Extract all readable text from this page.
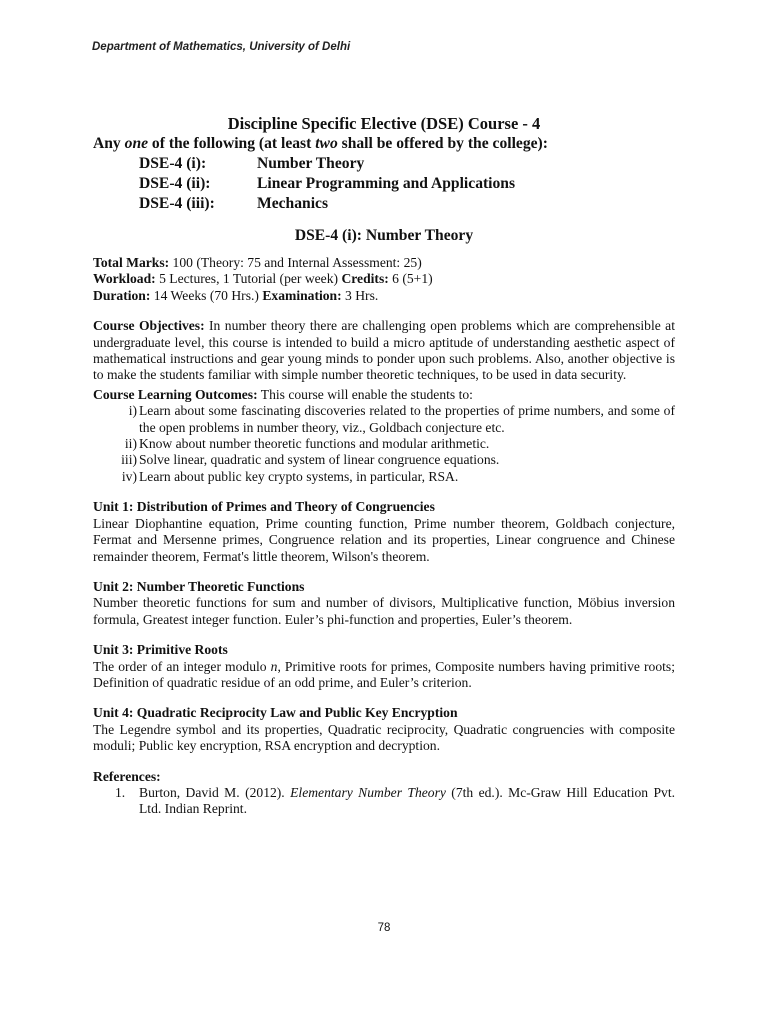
Department of Mathematics, University of Delhi
Discipline Specific Elective (DSE) Course - 4
Any one of the following (at least two shall be offered by the college):
DSE-4 (i):	Number Theory
DSE-4 (ii):	Linear Programming and Applications
DSE-4 (iii):	Mechanics
DSE-4 (i): Number Theory
Total Marks: 100 (Theory: 75 and Internal Assessment: 25)
Workload: 5 Lectures, 1 Tutorial (per week) Credits: 6 (5+1)
Duration: 14 Weeks (70 Hrs.) Examination: 3 Hrs.
Course Objectives: In number theory there are challenging open problems which are comprehensible at undergraduate level, this course is intended to build a micro aptitude of understanding aesthetic aspect of mathematical instructions and gear young minds to ponder upon such problems. Also, another objective is to make the students familiar with simple number theoretic techniques, to be used in data security.
Course Learning Outcomes: This course will enable the students to:
i) Learn about some fascinating discoveries related to the properties of prime numbers, and some of the open problems in number theory, viz., Goldbach conjecture etc.
ii) Know about number theoretic functions and modular arithmetic.
iii) Solve linear, quadratic and system of linear congruence equations.
iv) Learn about public key crypto systems, in particular, RSA.
Unit 1: Distribution of Primes and Theory of Congruencies
Linear Diophantine equation, Prime counting function, Prime number theorem, Goldbach conjecture, Fermat and Mersenne primes, Congruence relation and its properties, Linear congruence and Chinese remainder theorem, Fermat's little theorem, Wilson's theorem.
Unit 2: Number Theoretic Functions
Number theoretic functions for sum and number of divisors, Multiplicative function, Möbius inversion formula, Greatest integer function. Euler’s phi-function and properties, Euler’s theorem.
Unit 3: Primitive Roots
The order of an integer modulo n, Primitive roots for primes, Composite numbers having primitive roots; Definition of quadratic residue of an odd prime, and Euler’s criterion.
Unit 4: Quadratic Reciprocity Law and Public Key Encryption
The Legendre symbol and its properties, Quadratic reciprocity, Quadratic congruencies with composite moduli; Public key encryption, RSA encryption and decryption.
References:
1. Burton, David M. (2012). Elementary Number Theory (7th ed.). Mc-Graw Hill Education Pvt. Ltd. Indian Reprint.
78
